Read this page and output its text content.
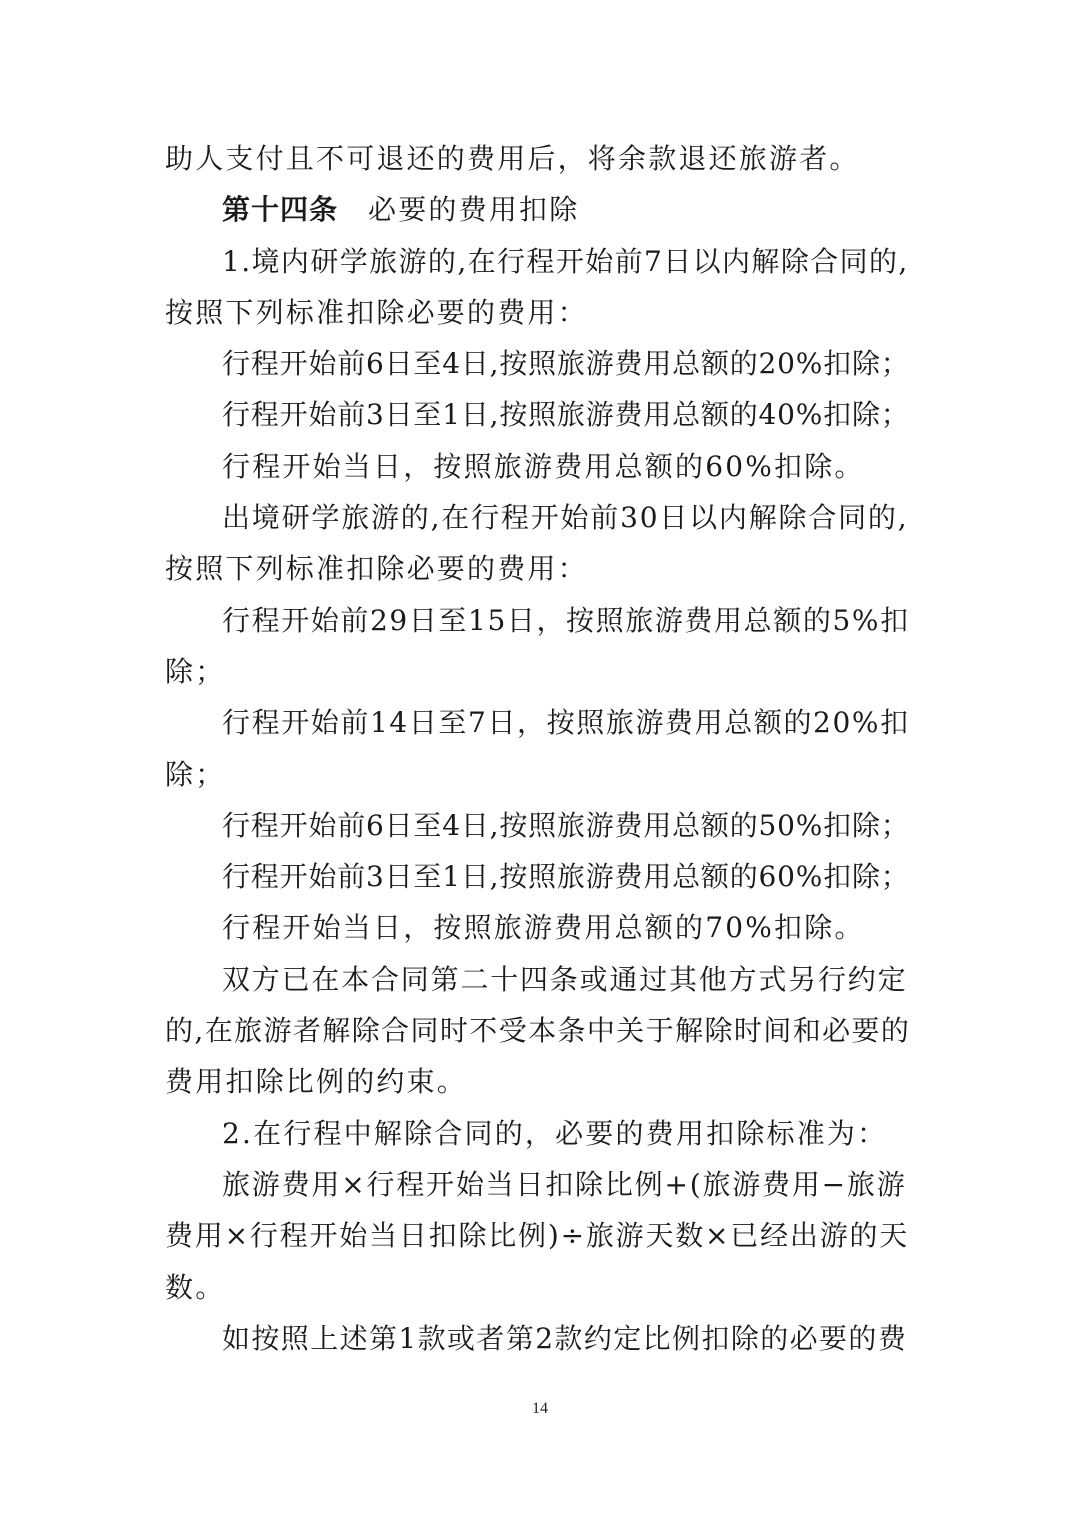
助人支付且不可退还的费用后，将余款退还旅游者。
第十四条 必要的费用扣除
1.境内研学旅游的,在行程开始前7日以内解除合同的,
按照下列标准扣除必要的费用：
行程开始前6日至4日,按照旅游费用总额的20%扣除；
行程开始前3日至1日,按照旅游费用总额的40%扣除；
行程开始当日，按照旅游费用总额的60%扣除。
出境研学旅游的,在行程开始前30日以内解除合同的,
按照下列标准扣除必要的费用：
行程开始前29日至15日，按照旅游费用总额的5%扣
除；
行程开始前14日至7日，按照旅游费用总额的20%扣
除；
行程开始前6日至4日,按照旅游费用总额的50%扣除；
行程开始前3日至1日,按照旅游费用总额的60%扣除；
行程开始当日，按照旅游费用总额的70%扣除。
双方已在本合同第二十四条或通过其他方式另行约定
的,在旅游者解除合同时不受本条中关于解除时间和必要的
费用扣除比例的约束。
2.在行程中解除合同的，必要的费用扣除标准为：
旅游费用×行程开始当日扣除比例+(旅游费用−旅游
费用×行程开始当日扣除比例)÷旅游天数×已经出游的天
数。
如按照上述第1款或者第2款约定比例扣除的必要的费
14
